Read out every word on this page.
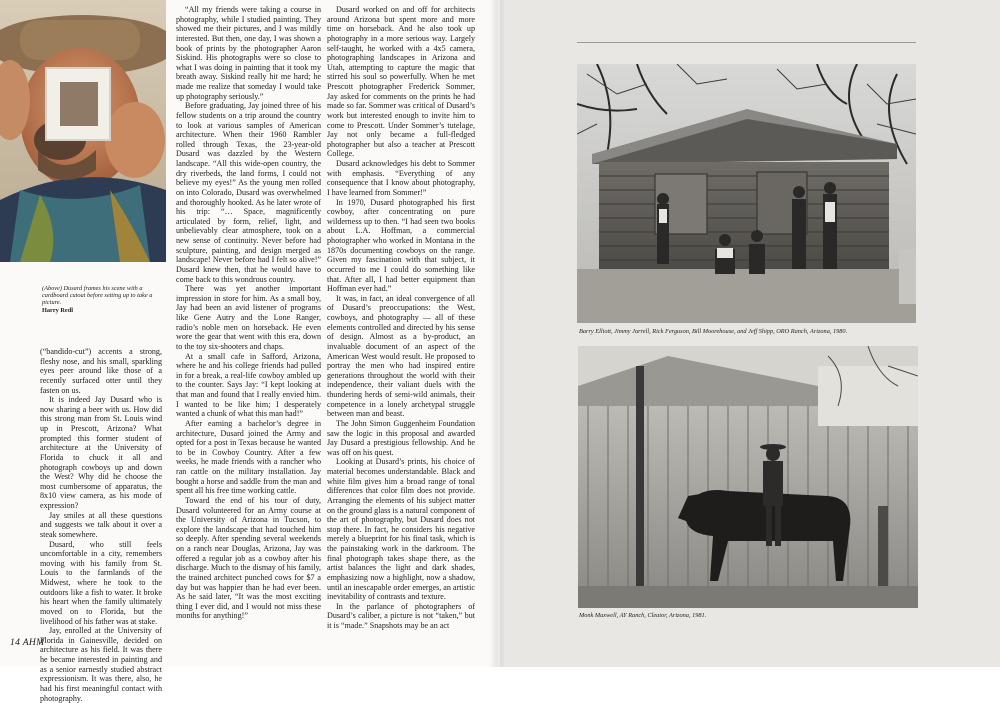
(Above) Dusard frames his scene with a cardboard cutout before setting up to take a picture.
Harry Redl

(“bandido-cut”) accents a strong, fleshy nose, and his small, sparkling eyes peer around like those of a recently surfaced otter until they fasten on us.

It is indeed Jay Dusard who is now sharing a beer with us. How did this strong man from St. Louis wind up in Prescott, Arizona? What prompted this former student of architecture at the University of Florida to chuck it all and photograph cowboys up and down the West? Why did he choose the most cumbersome of apparatus, the 8x10 view camera, as his mode of expression?

Jay smiles at all these questions and suggests we talk about it over a steak somewhere.

Dusard, who still feels uncomfortable in a city, remembers moving with his family from St. Louis to the farmlands of the Midwest, where he took to the outdoors like a fish to water. It broke his heart when the family ultimately moved on to Florida, but the livelihood of his father was at stake.

Jay, enrolled at the University of Florida in Gainesville, decided on architecture as his field. It was there he became interested in painting and as a senior earnestly studied abstract expressionism. It was there, also, he had his first meaningful contact with photography.

“All my friends were taking a course in photography, while I studied painting. They showed me their pictures, and I was mildly interested. But then, one day, I was shown a book of prints by the photographer Aaron Siskind. His photographs were so close to what I was doing in painting that it took my breath away. Siskind really hit me hard; he made me realize that someday I would take up photography seriously.”

Before graduating, Jay joined three of his fellow students on a trip around the country to look at various samples of American architecture. When their 1960 Rambler rolled through Texas, the 23-year-old Dusard was dazzled by the Western landscape. “All this wide-open country, the dry riverbeds, the land forms, I could not believe my eyes!” As the young men rolled on into Colorado, Dusard was overwhelmed and thoroughly hooked. As he later wrote of his trip: “… Space, magnificently articulated by form, relief, light, and unbelievably clear atmosphere, took on a new sense of continuity. Never before had sculpture, painting, and design merged as landscape! Never before had I felt so alive!” Dusard knew then, that he would have to come back to this wondrous country.

There was yet another important impression in store for him. As a small boy, Jay had been an avid listener of programs like Gene Autry and the Lone Ranger, radio’s noble men on horseback. He even wore the gear that went with this era, down to the toy six-shooters and chaps.

At a small cafe in Safford, Arizona, where he and his college friends had pulled in for a break, a real-life cowboy ambled up to the counter. Says Jay: “I kept looking at that man and found that I really envied him. I wanted to be like him; I desperately wanted a chunk of what this man had!”

After earning a bachelor’s degree in architecture, Dusard joined the Army and opted for a post in Texas because he wanted to be in Cowboy Country. After a few weeks, he made friends with a rancher who ran cattle on the military installation. Jay bought a horse and saddle from the man and spent all his free time working cattle.

Toward the end of his tour of duty, Dusard volunteered for an Army course at the University of Arizona in Tucson, to explore the landscape that had touched him so deeply. After spending several weekends on a ranch near Douglas, Arizona, Jay was offered a regular job as a cowboy after his discharge. Much to the dismay of his family, the trained architect punched cows for $7 a day but was happier than he had ever been. As he said later, “It was the most exciting thing I ever did, and I would not miss these months for anything!”

Dusard worked on and off for architects around Arizona but spent more and more time on horseback. And he also took up photography in a more serious way. Largely self-taught, he worked with a 4x5 camera, photographing landscapes in Arizona and Utah, attempting to capture the magic that stirred his soul so powerfully. When he met Prescott photographer Frederick Sommer, Jay asked for comments on the prints he had made so far. Sommer was critical of Dusard’s work but interested enough to invite him to come to Prescott. Under Sommer’s tutelage, Jay not only became a full-fledged photographer but also a teacher at Prescott College.

Dusard acknowledges his debt to Sommer with emphasis. “Everything of any consequence that I know about photography, I have learned from Sommer!”

In 1970, Dusard photographed his first cowboy, after concentrating on pure wilderness up to then. “I had seen two books about L.A. Hoffman, a commercial photographer who worked in Montana in the 1870s documenting cowboys on the range. Given my fascination with that subject, it occurred to me I could do something like that. After all, I had better equipment than Hoffman ever had.”

It was, in fact, an ideal convergence of all of Dusard’s preoccupations: the West, cowboys, and photography — all of these elements controlled and directed by his sense of design. Almost as a by-product, an invaluable document of an aspect of the American West would result. He proposed to portray the men who had inspired entire generations throughout the world with their independence, their valiant duels with the thundering herds of semi-wild animals, their competence in a lonely archetypal struggle between man and beast.

The John Simon Guggenheim Foundation saw the logic in this proposal and awarded Jay Dusard a prestigious fellowship. And he was off on his quest.

Looking at Dusard’s prints, his choice of material becomes understandable. Black and white film gives him a broad range of tonal differences that color film does not provide. Arranging the elements of his subject matter on the ground glass is a natural component of the art of photography, but Dusard does not stop there. In fact, he considers his negative merely a blueprint for his final task, which is the painstaking work in the darkroom. The final photograph takes shape there, as the artist balances the light and dark shades, emphasizing now a highlight, now a shadow, until an inescapable order emerges, an artistic inevitability of contrasts and texture.

In the parlance of photographers of Dusard’s caliber, a picture is not “taken,” but it is “made.” Snapshots may be an act

14 AHM
Barry Elliott, Jimmy Jarrell, Rick Ferguson, Bill Moorehouse, and Jeff Shipp, ORO Ranch, Arizona, 1980.
Monk Maxwell, AY Ranch, Cleator, Arizona, 1981.
